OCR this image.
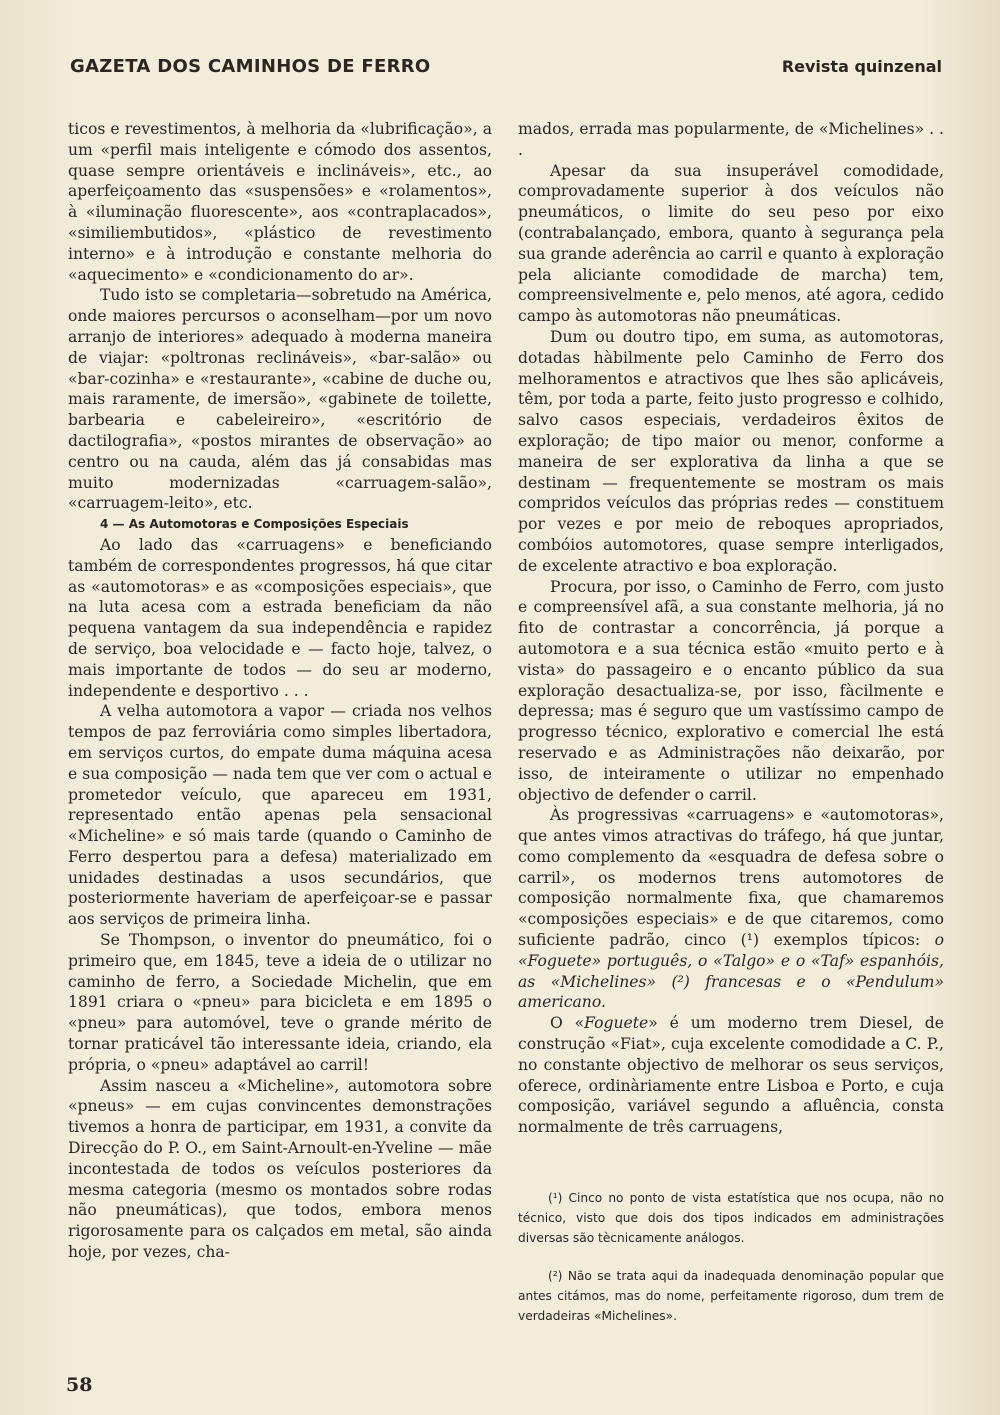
GAZETA DOS CAMINHOS DE FERRO	Revista quinzenal

ticos e revestimentos, à melhoria da «lubrificação», a um «perfil mais inteligente e cómodo dos assentos, quase sempre orientáveis e inclináveis», etc., ao aperfeiçoamento das «suspensões» e «rolamentos», à «iluminação fluorescente», aos «contraplacados», «similiembutidos», «plástico de revestimento interno» e à introdução e constante melhoria do «aquecimento» e «condicionamento do ar».

Tudo isto se completaria—sobretudo na América, onde maiores percursos o aconselham—por um novo arranjo de interiores» adequado à moderna maneira de viajar: «poltronas reclináveis», «bar-salão» ou «bar-cozinha» e «restaurante», «cabine de duche ou, mais raramente, de imersão», «gabinete de toilette, barbearia e cabeleireiro», «escritório de dactilografia», «postos mirantes de observação» ao centro ou na cauda, além das já consabidas mas muito modernizadas «carruagem-salão», «carruagem-leito», etc.

4 — As Automotoras e Composições Especiais

Ao lado das «carruagens» e beneficiando também de correspondentes progressos, há que citar as «automotoras» e as «composições especiais», que na luta acesa com a estrada beneficiam da não pequena vantagem da sua independência e rapidez de serviço, boa velocidade e — facto hoje, talvez, o mais importante de todos — do seu ar moderno, independente e desportivo . . .

A velha automotora a vapor — criada nos velhos tempos de paz ferroviária como simples libertadora, em serviços curtos, do empate duma máquina acesa e sua composição — nada tem que ver com o actual e prometedor veículo, que apareceu em 1931, representado então apenas pela sensacional «Micheline» e só mais tarde (quando o Caminho de Ferro despertou para a defesa) materializado em unidades destinadas a usos secundários, que posteriormente haveriam de aperfeiçoar-se e passar aos serviços de primeira linha.

Se Thompson, o inventor do pneumático, foi o primeiro que, em 1845, teve a ideia de o utilizar no caminho de ferro, a Sociedade Michelin, que em 1891 criara o «pneu» para bicicleta e em 1895 o «pneu» para automóvel, teve o grande mérito de tornar praticável tão interessante ideia, criando, ela própria, o «pneu» adaptável ao carril!

Assim nasceu a «Micheline», automotora sobre «pneus» — em cujas convincentes demonstrações tivemos a honra de participar, em 1931, a convite da Direcção do P. O., em Saint-Arnoult-en-Yveline — mãe incontestada de todos os veículos posteriores da mesma categoria (mesmo os montados sobre rodas não pneumáticas), que todos, embora menos rigorosamente para os calçados em metal, são ainda hoje, por vezes, cha-

mados, errada mas popularmente, de «Michelines» . . .

Apesar da sua insuperável comodidade, comprovadamente superior à dos veículos não pneumáticos, o limite do seu peso por eixo (contrabalançado, embora, quanto à segurança pela sua grande aderência ao carril e quanto à exploração pela aliciante comodidade de marcha) tem, compreensivelmente e, pelo menos, até agora, cedido campo às automotoras não pneumáticas.

Dum ou doutro tipo, em suma, as automotoras, dotadas hàbilmente pelo Caminho de Ferro dos melhoramentos e atractivos que lhes são aplicáveis, têm, por toda a parte, feito justo progresso e colhido, salvo casos especiais, verdadeiros êxitos de exploração; de tipo maior ou menor, conforme a maneira de ser explorativa da linha a que se destinam — frequentemente se mostram os mais compridos veículos das próprias redes — constituem por vezes e por meio de reboques apropriados, combóios automotores, quase sempre interligados, de excelente atractivo e boa exploração.

Procura, por isso, o Caminho de Ferro, com justo e compreensível afã, a sua constante melhoria, já no fito de contrastar a concorrência, já porque a automotora e a sua técnica estão «muito perto e à vista» do passageiro e o encanto público da sua exploração desactualiza-se, por isso, fàcilmente e depressa; mas é seguro que um vastíssimo campo de progresso técnico, explorativo e comercial lhe está reservado e as Administrações não deixarão, por isso, de inteiramente o utilizar no empenhado objectivo de defender o carril.

Às progressivas «carruagens» e «automotoras», que antes vimos atractivas do tráfego, há que juntar, como complemento da «esquadra de defesa sobre o carril», os modernos trens automotores de composição normalmente fixa, que chamaremos «composições especiais» e de que citaremos, como suficiente padrão, cinco (¹) exemplos típicos: o «Foguete» português, o «Talgo» e o «Taf» espanhóis, as «Michelines» (²) francesas e o «Pendulum» americano.

O «Foguete» é um moderno trem Diesel, de construção «Fiat», cuja excelente comodidade a C. P., no constante objectivo de melhorar os seus serviços, oferece, ordinàriamente entre Lisboa e Porto, e cuja composição, variável segundo a afluência, consta normalmente de três carruagens,

(¹) Cinco no ponto de vista estatística que nos ocupa, não no técnico, visto que dois dos tipos indicados em administrações diversas são tècnicamente análogos.

(²) Não se trata aqui da inadequada denominação popular que antes citámos, mas do nome, perfeitamente rigoroso, dum trem de verdadeiras «Michelines».

58
